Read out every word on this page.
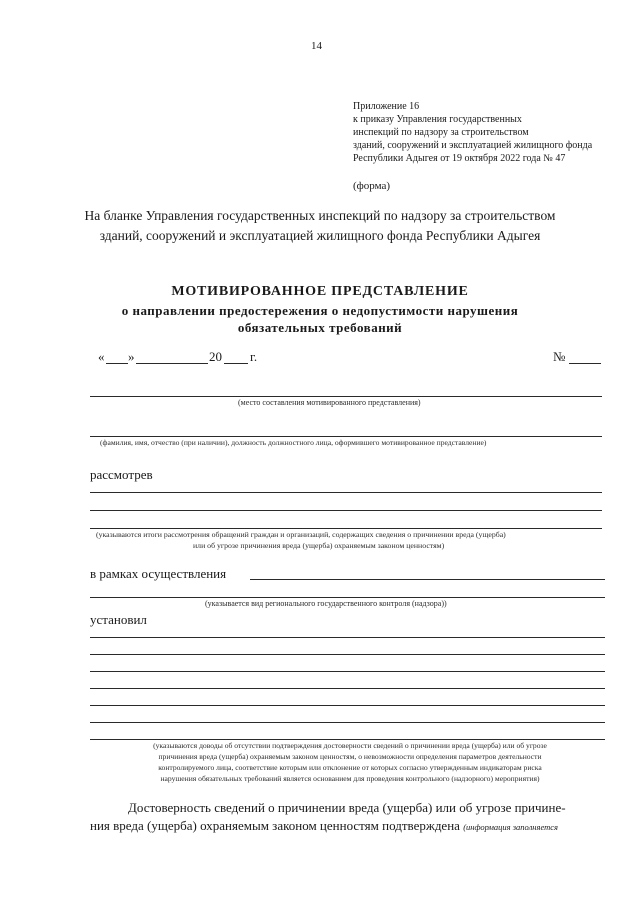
14
Приложение 16
к приказу Управления государственных
инспекций по надзору за строительством
зданий, сооружений и эксплуатацией жилищного фонда
Республики Адыгея от 19 октября 2022 года № 47
(форма)
На бланке Управления государственных инспекций по надзору за строительством
зданий, сооружений и эксплуатацией жилищного фонда Республики Адыгея
МОТИВИРОВАННОЕ ПРЕДСТАВЛЕНИЕ
о направлении предостережения о недопустимости нарушения
обязательных требований
« »	20 г.	№
(место составления мотивированного представления)
(фамилия, имя, отчество (при наличии), должность должностного лица, оформившего мотивированное представление)
рассмотрев
(указываются итоги рассмотрения обращений граждан и организаций, содержащих сведения о причинении вреда (ущерба)
или об угрозе причинения вреда (ущерба) охраняемым законом ценностям)
в рамках осуществления
(указывается вид регионального государственного контроля (надзора))
установил
(указываются доводы об отсутствии подтверждения достоверности сведений о причинении вреда (ущерба) или об угрозе
причинения вреда (ущерба) охраняемым законом ценностям, о невозможности определения параметров деятельности
контролируемого лица, соответствие которым или отклонение от которых согласно утвержденным индикаторам риска
нарушения обязательных требований является основанием для проведения контрольного (надзорного) мероприятия)
Достоверность сведений о причинении вреда (ущерба) или об угрозе причине-
ния вреда (ущерба) охраняемым законом ценностям подтверждена (информация заполняется
